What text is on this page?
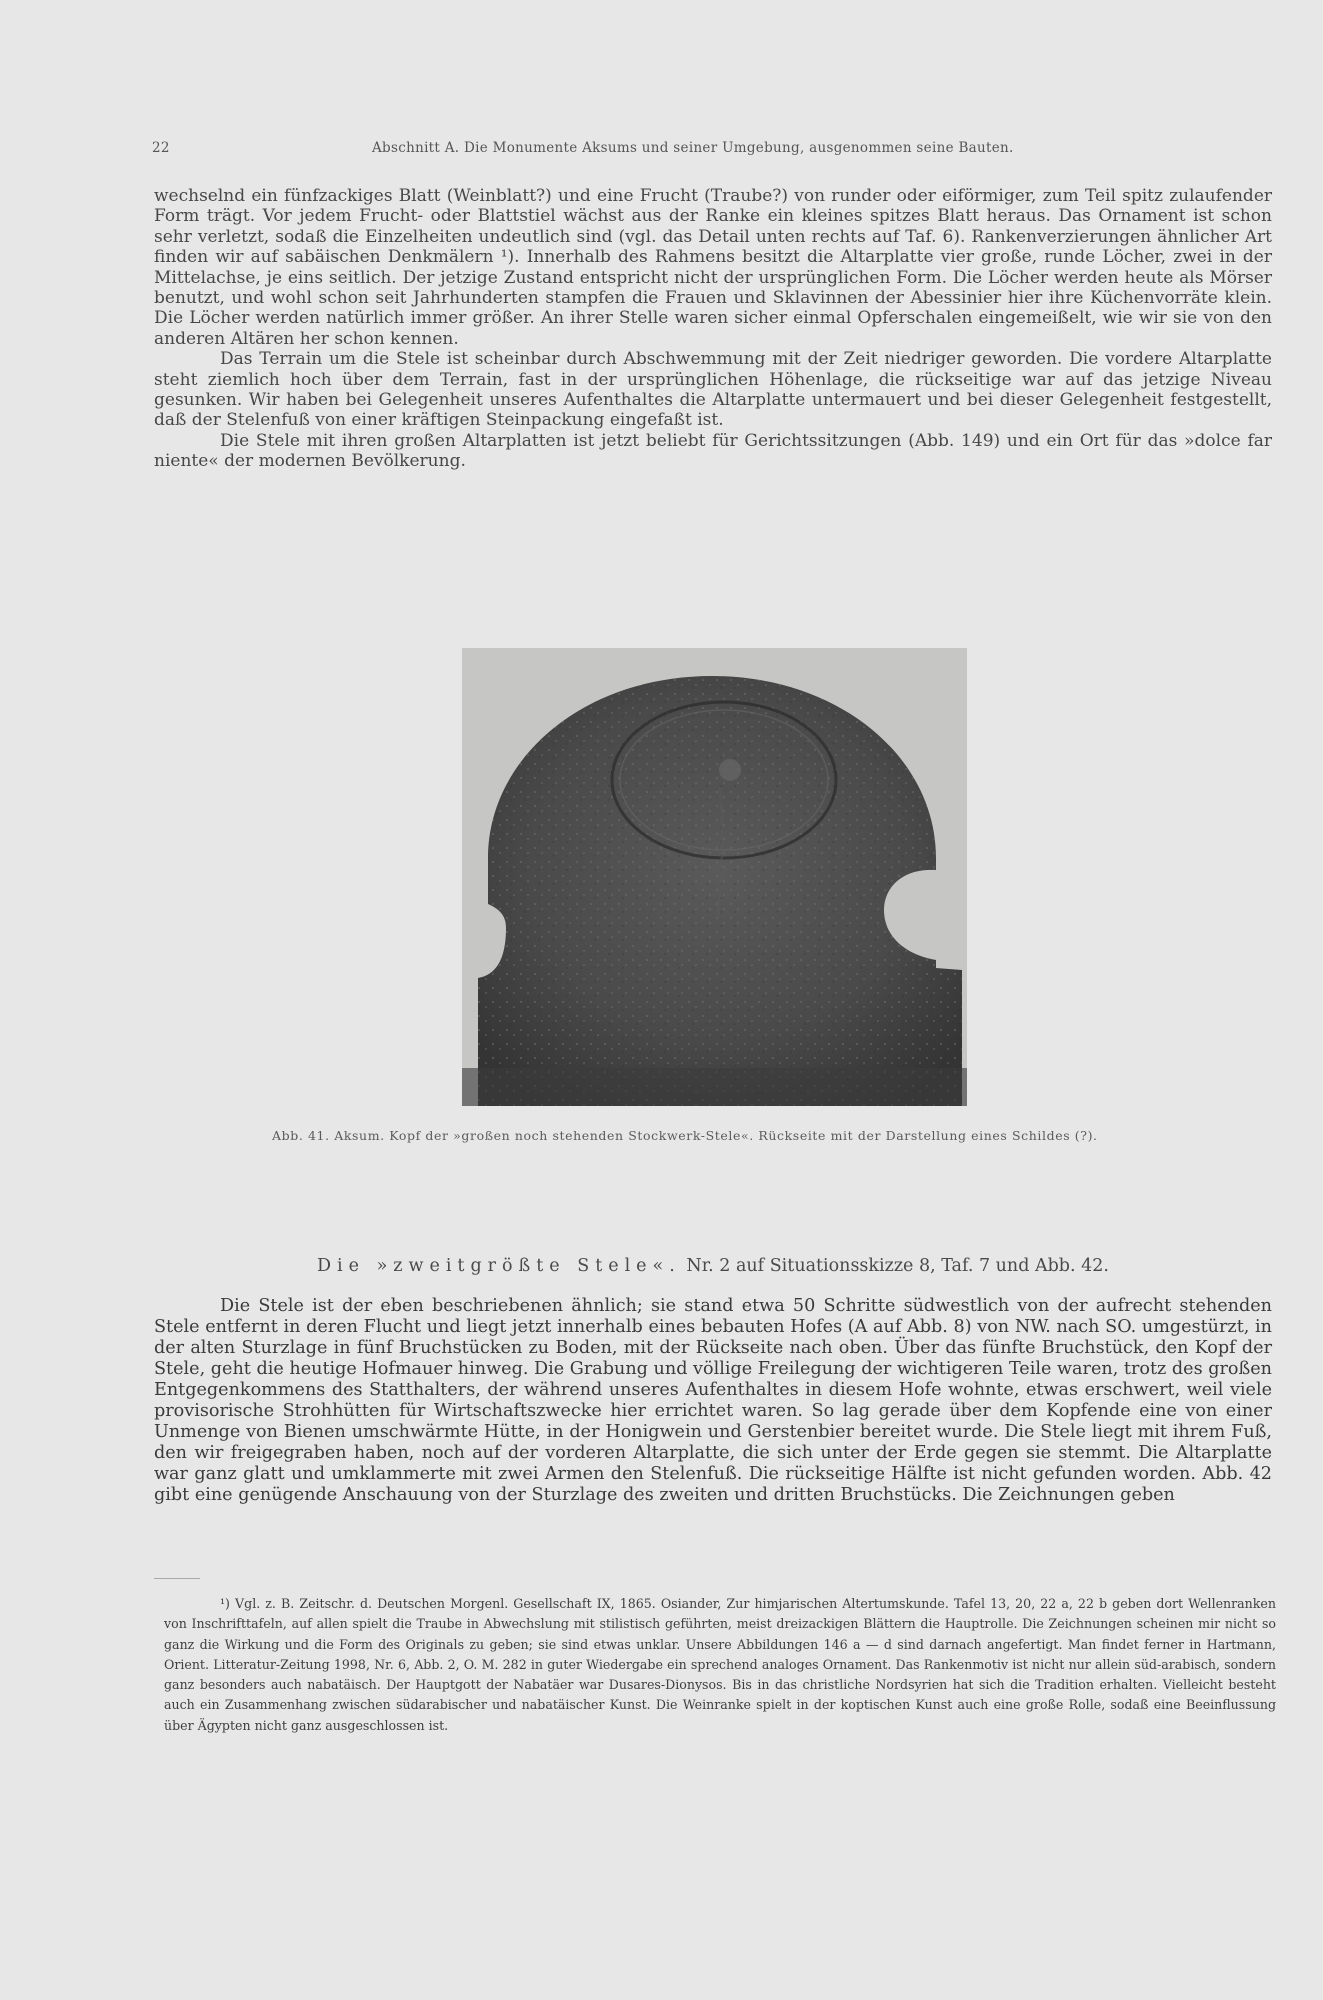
22	Abschnitt A. Die Monumente Aksums und seiner Umgebung, ausgenommen seine Bauten.

wechselnd ein fünfzackiges Blatt (Weinblatt?) und eine Frucht (Traube?) von runder oder eiförmiger, zum Teil spitz zulaufender Form trägt. Vor jedem Frucht- oder Blattstiel wächst aus der Ranke ein kleines spitzes Blatt heraus. Das Ornament ist schon sehr verletzt, sodaß die Einzelheiten undeutlich sind (vgl. das Detail unten rechts auf Taf. 6). Rankenverzierungen ähnlicher Art finden wir auf sabäischen Denkmälern ¹). Innerhalb des Rahmens besitzt die Altarplatte vier große, runde Löcher, zwei in der Mittelachse, je eins seitlich. Der jetzige Zustand entspricht nicht der ursprünglichen Form. Die Löcher werden heute als Mörser benutzt, und wohl schon seit Jahrhunderten stampfen die Frauen und Sklavinnen der Abessinier hier ihre Küchenvorräte klein. Die Löcher werden natürlich immer größer. An ihrer Stelle waren sicher einmal Opferschalen eingemeißelt, wie wir sie von den anderen Altären her schon kennen.

Das Terrain um die Stele ist scheinbar durch Abschwemmung mit der Zeit niedriger geworden. Die vordere Altarplatte steht ziemlich hoch über dem Terrain, fast in der ursprünglichen Höhenlage, die rückseitige war auf das jetzige Niveau gesunken. Wir haben bei Gelegenheit unseres Aufenthaltes die Altarplatte untermauert und bei dieser Gelegenheit festgestellt, daß der Stelenfuß von einer kräftigen Steinpackung eingefaßt ist.

Die Stele mit ihren großen Altarplatten ist jetzt beliebt für Gerichtssitzungen (Abb. 149) und ein Ort für das »dolce far niente« der modernen Bevölkerung.

Abb. 41. Aksum. Kopf der »großen noch stehenden Stockwerk-Stele«. Rückseite mit der Darstellung eines Schildes (?).
Die »zweitgrößte Stele«. Nr. 2 auf Situationsskizze 8, Taf. 7 und Abb. 42.

Die Stele ist der eben beschriebenen ähnlich; sie stand etwa 50 Schritte südwestlich von der aufrecht stehenden Stele entfernt in deren Flucht und liegt jetzt innerhalb eines bebauten Hofes (A auf Abb. 8) von NW. nach SO. umgestürzt, in der alten Sturzlage in fünf Bruchstücken zu Boden, mit der Rückseite nach oben. Über das fünfte Bruchstück, den Kopf der Stele, geht die heutige Hofmauer hinweg. Die Grabung und völlige Freilegung der wichtigeren Teile waren, trotz des großen Entgegenkommens des Statthalters, der während unseres Aufenthaltes in diesem Hofe wohnte, etwas erschwert, weil viele provisorische Strohhütten für Wirtschaftszwecke hier errichtet waren. So lag gerade über dem Kopfende eine von einer Unmenge von Bienen umschwärmte Hütte, in der Honigwein und Gerstenbier bereitet wurde. Die Stele liegt mit ihrem Fuß, den wir freigegraben haben, noch auf der vorderen Altarplatte, die sich unter der Erde gegen sie stemmt. Die Altarplatte war ganz glatt und umklammerte mit zwei Armen den Stelenfuß. Die rückseitige Hälfte ist nicht gefunden worden. Abb. 42 gibt eine genügende Anschauung von der Sturzlage des zweiten und dritten Bruchstücks. Die Zeichnungen geben

¹) Vgl. z. B. Zeitschr. d. Deutschen Morgenl. Gesellschaft IX, 1865. Osiander, Zur himjarischen Altertumskunde. Tafel 13, 20, 22 a, 22 b geben dort Wellenranken von Inschrifttafeln, auf allen spielt die Traube in Abwechslung mit stilistisch geführten, meist dreizackigen Blättern die Hauptrolle. Die Zeichnungen scheinen mir nicht so ganz die Wirkung und die Form des Originals zu geben; sie sind etwas unklar. Unsere Abbildungen 146 a — d sind darnach angefertigt. Man findet ferner in Hartmann, Orient. Litteratur-Zeitung 1998, Nr. 6, Abb. 2, O. M. 282 in guter Wiedergabe ein sprechend analoges Ornament. Das Rankenmotiv ist nicht nur allein süd-arabisch, sondern ganz besonders auch nabatäisch. Der Hauptgott der Nabatäer war Dusares-Dionysos. Bis in das christliche Nordsyrien hat sich die Tradition erhalten. Vielleicht besteht auch ein Zusammenhang zwischen südarabischer und nabatäischer Kunst. Die Weinranke spielt in der koptischen Kunst auch eine große Rolle, sodaß eine Beeinflussung über Ägypten nicht ganz ausgeschlossen ist.
